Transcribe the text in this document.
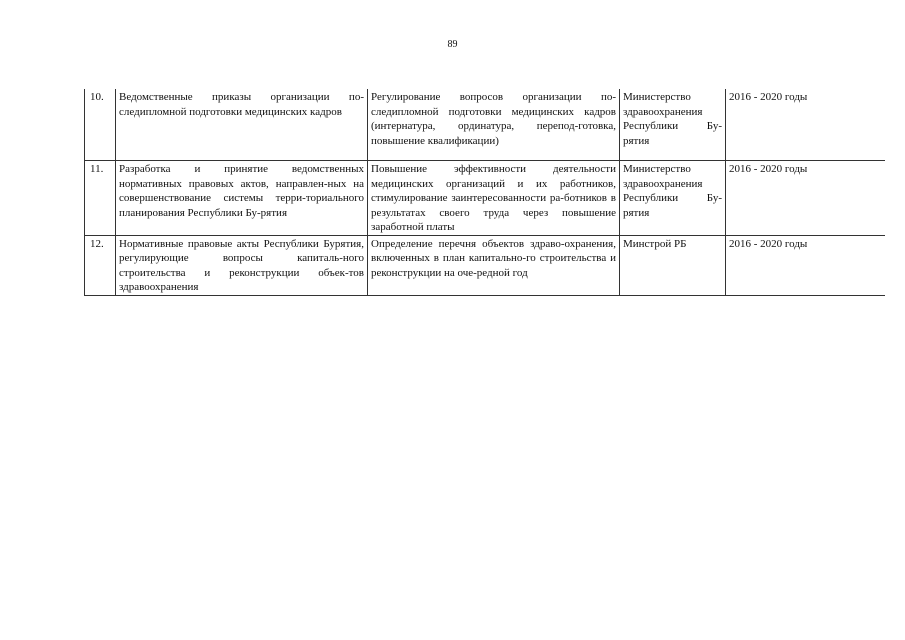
89
10.	Ведомственные приказы организации по-следипломной подготовки медицинских кадров	Регулирование вопросов организации по-следипломной подготовки медицинских кадров (интернатура, ординатура, перепод-готовка, повышение квалификации)	Министерство здравоохранения Республики Бу-рятия	2016 - 2020 годы
11.	Разработка и принятие ведомственных нормативных правовых актов, направлен-ных на совершенствование системы терри-ториального планирования Республики Бу-рятия	Повышение эффективности деятельности медицинских организаций и их работников, стимулирование заинтересованности ра-ботников в результатах своего труда через повышение заработной платы	Министерство здравоохранения Республики Бу-рятия	2016 - 2020 годы
12.	Нормативные правовые акты Республики Бурятия, регулирующие вопросы капиталь-ного строительства и реконструкции объек-тов здравоохранения	Определение перечня объектов здраво-охранения, включенных в план капитально-го строительства и реконструкции на оче-редной год	Минстрой РБ	2016 - 2020 годы
